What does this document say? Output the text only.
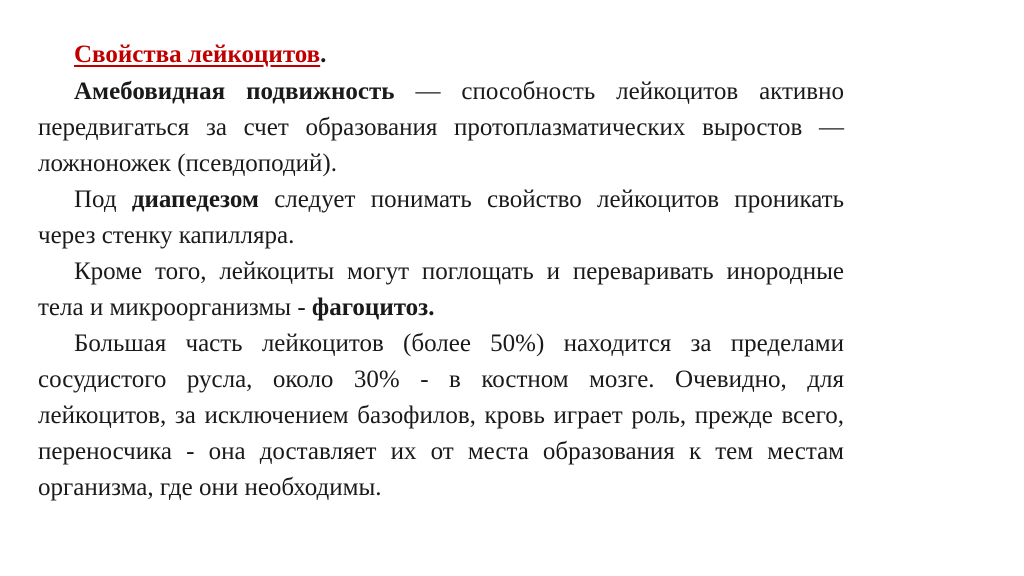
Свойства лейкоцитов.

Амебовидная подвижность — способность лейкоцитов активно передвигаться за счет образования протоплазматических выростов — ложноножек (псевдоподий).

Под диапедезом следует понимать свойство лейкоцитов проникать через стенку капилляра.

Кроме того, лейкоциты могут поглощать и переваривать инородные тела и микроорганизмы - фагоцитоз.

Большая часть лейкоцитов (более 50%) находится за пределами сосудистого русла, около 30% - в костном мозге. Очевидно, для лейкоцитов, за исключением базофилов, кровь играет роль, прежде всего, переносчика - она доставляет их от места образования к тем местам организма, где они необходимы.
